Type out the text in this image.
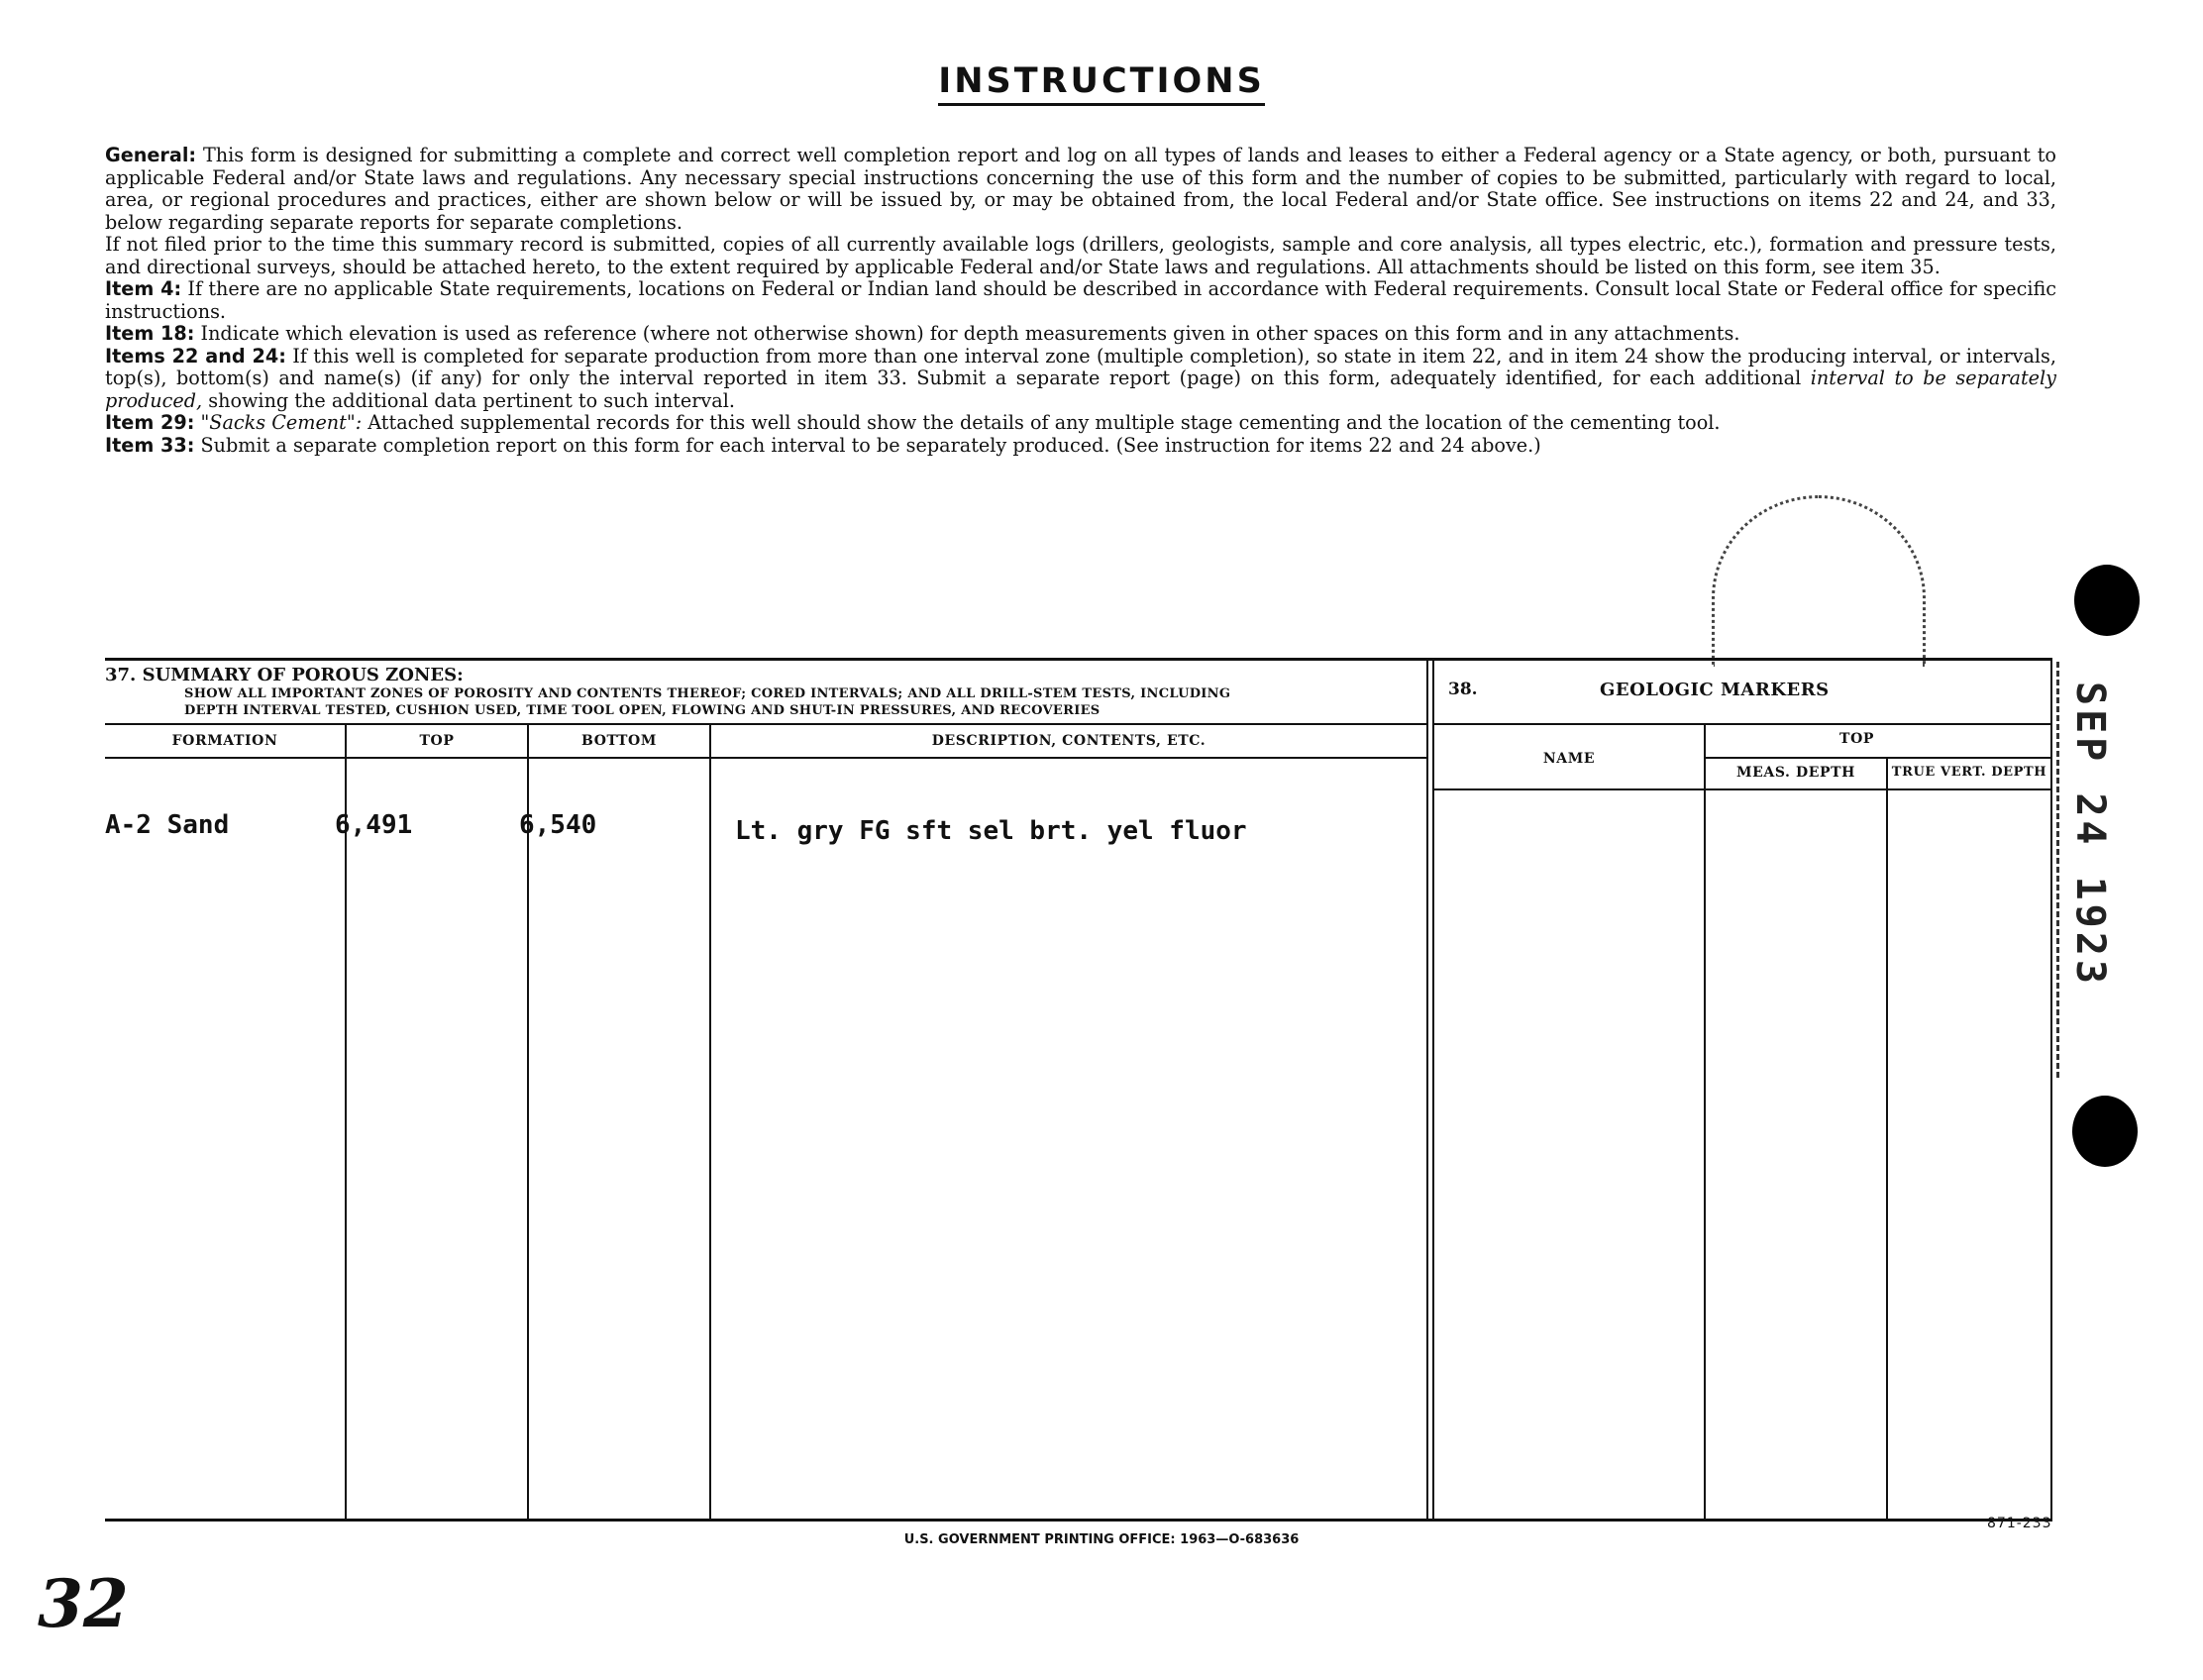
INSTRUCTIONS

General: This form is designed for submitting a complete and correct well completion report and log on all types of lands and leases to either a Federal agency or a State agency, or both, pursuant to applicable Federal and/or State laws and regulations. Any necessary special instructions concerning the use of this form and the number of copies to be submitted, particularly with regard to local, area, or regional procedures and practices, either are shown below or will be issued by, or may be obtained from, the local Federal and/or State office. See instructions on items 22 and 24, and 33, below regarding separate reports for separate completions.

If not filed prior to the time this summary record is submitted, copies of all currently available logs (drillers, geologists, sample and core analysis, all types electric, etc.), formation and pressure tests, and directional surveys, should be attached hereto, to the extent required by applicable Federal and/or State laws and regulations. All attachments should be listed on this form, see item 35.

Item 4: If there are no applicable State requirements, locations on Federal or Indian land should be described in accordance with Federal requirements. Consult local State or Federal office for specific instructions.

Item 18: Indicate which elevation is used as reference (where not otherwise shown) for depth measurements given in other spaces on this form and in any attachments.

Items 22 and 24: If this well is completed for separate production from more than one interval zone (multiple completion), so state in item 22, and in item 24 show the producing interval, or intervals, top(s), bottom(s) and name(s) (if any) for only the interval reported in item 33. Submit a separate report (page) on this form, adequately identified, for each additional interval to be separately produced, showing the additional data pertinent to such interval.

Item 29: "Sacks Cement": Attached supplemental records for this well should show the details of any multiple stage cementing and the location of the cementing tool.

Item 33: Submit a separate completion report on this form for each interval to be separately produced. (See instruction for items 22 and 24 above.)

37. SUMMARY OF POROUS ZONES:
SHOW ALL IMPORTANT ZONES OF POROSITY AND CONTENTS THEREOF; CORED INTERVALS; AND ALL DRILL-STEM TESTS, INCLUDING
DEPTH INTERVAL TESTED, CUSHION USED, TIME TOOL OPEN, FLOWING AND SHUT-IN PRESSURES, AND RECOVERIES
FORMATION	TOP	BOTTOM	DESCRIPTION, CONTENTS, ETC.
A-2 Sand	6,491	6,540	Lt. gry FG sft sel brt. yel fluor
38.	GEOLOGIC MARKERS
NAME
TOP
MEAS. DEPTH	TRUE VERT. DEPTH SEP 24 1923
871-233
U.S. GOVERNMENT PRINTING OFFICE: 1963—O-683636
32
